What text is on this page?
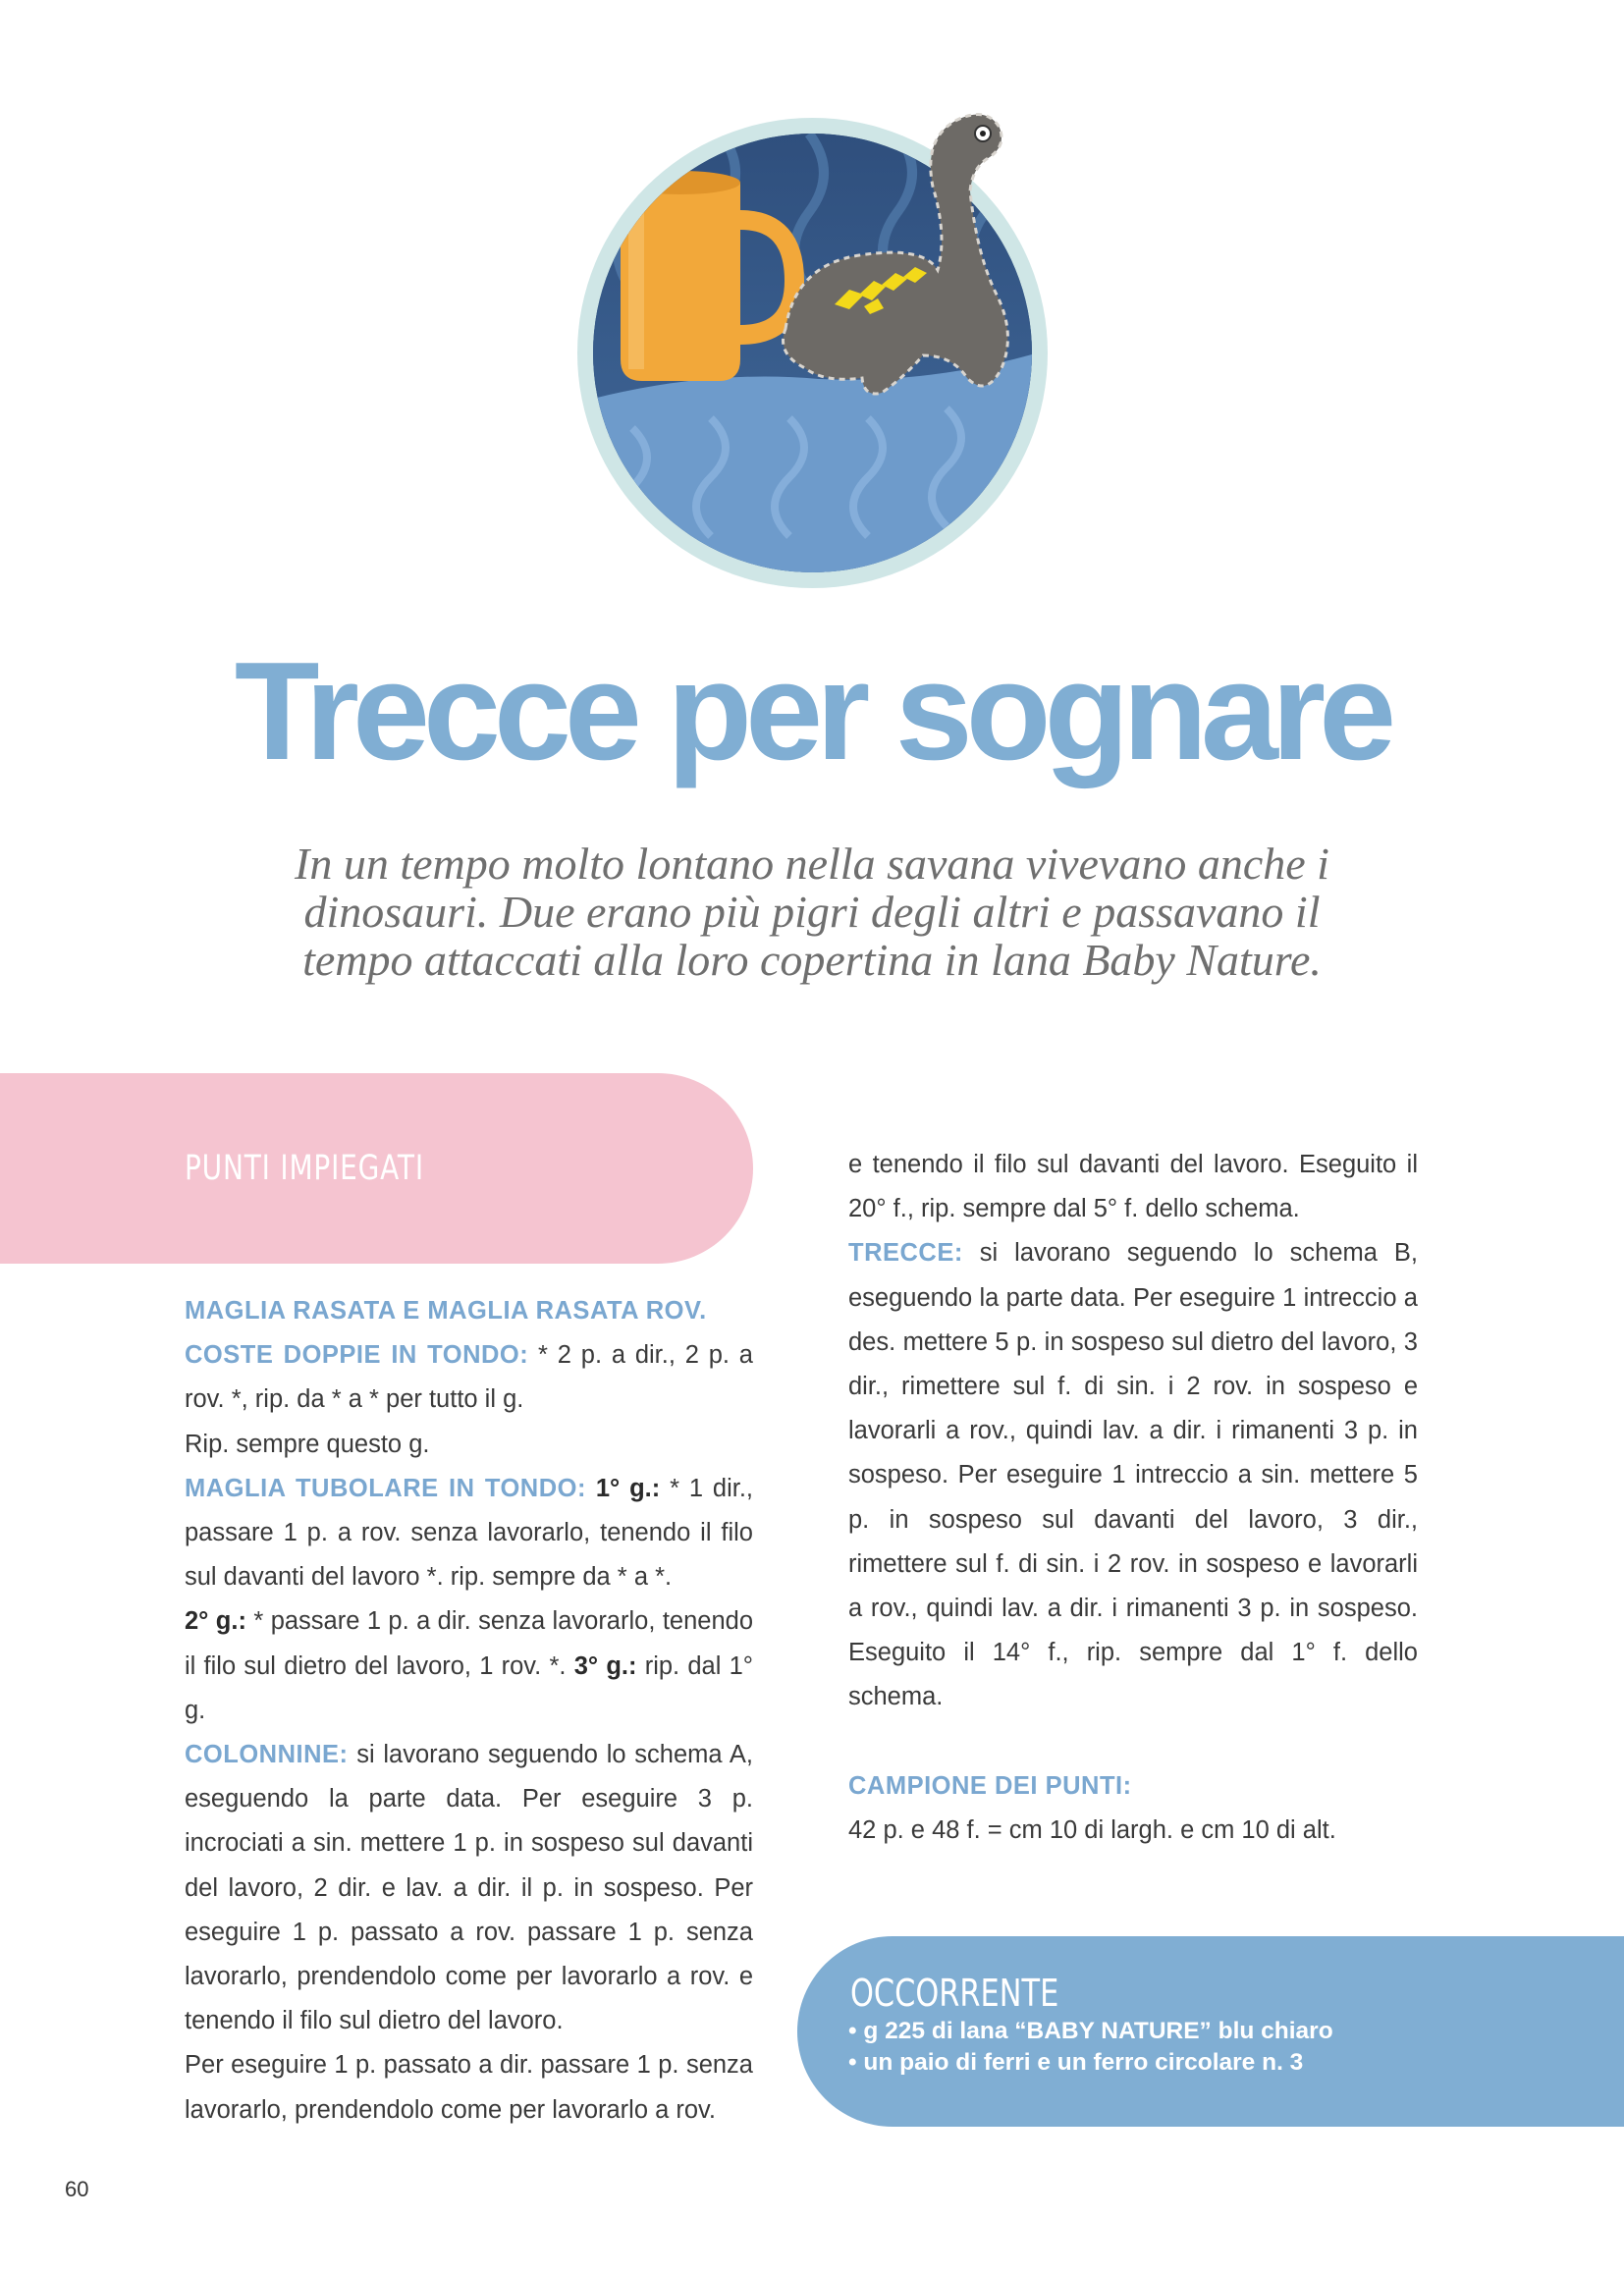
Trecce per sognare

In un tempo molto lontano nella savana vivevano anche i dinosauri. Due erano più pigri degli altri e passavano il tempo attaccati alla loro copertina in lana Baby Nature.

PUNTI IMPIEGATI

MAGLIA RASATA E MAGLIA RASATA ROV.

COSTE DOPPIE IN TONDO: * 2 p. a dir., 2 p. a rov. *, rip. da * a * per tutto il g.

Rip. sempre questo g.

MAGLIA TUBOLARE IN TONDO: 1° g.: * 1 dir., passare 1 p. a rov. senza lavorarlo, tenendo il filo sul davanti del lavoro *. rip. sempre da * a *.

2° g.: * passare 1 p. a dir. senza lavorarlo, tenendo il filo sul dietro del lavoro, 1 rov. *. 3° g.: rip. dal 1° g.

COLONNINE: si lavorano seguendo lo schema A, eseguendo la parte data. Per eseguire 3 p. incrociati a sin. mettere 1 p. in sospeso sul davanti del lavoro, 2 dir. e lav. a dir. il p. in sospeso. Per eseguire 1 p. passato a rov. passare 1 p. senza lavorarlo, prendendolo come per lavorarlo a rov. e tenendo il filo sul dietro del lavoro.

Per eseguire 1 p. passato a dir. passare 1 p. senza lavorarlo, prendendolo come per lavorarlo a rov.

e tenendo il filo sul davanti del lavoro. Eseguito il 20° f., rip. sempre dal 5° f. dello schema.

TRECCE: si lavorano seguendo lo schema B, eseguendo la parte data. Per eseguire 1 intreccio a des. mettere 5 p. in sospeso sul dietro del lavoro, 3 dir., rimettere sul f. di sin. i 2 rov. in sospeso e lavorarli a rov., quindi lav. a dir. i rimanenti 3 p. in sospeso. Per eseguire 1 intreccio a sin. mettere 5 p. in sospeso sul davanti del lavoro, 3 dir., rimettere sul f. di sin. i 2 rov. in sospeso e lavorarli a rov., quindi lav. a dir. i rimanenti 3 p. in sospeso. Eseguito il 14° f., rip. sempre dal 1° f. dello schema.

CAMPIONE DEI PUNTI:

42 p. e 48 f. = cm 10 di largh. e cm 10 di alt.

OCCORRENTE
• g 225 di lana “BABY NATURE” blu chiaro
• un paio di ferri e un ferro circolare n. 3
60
